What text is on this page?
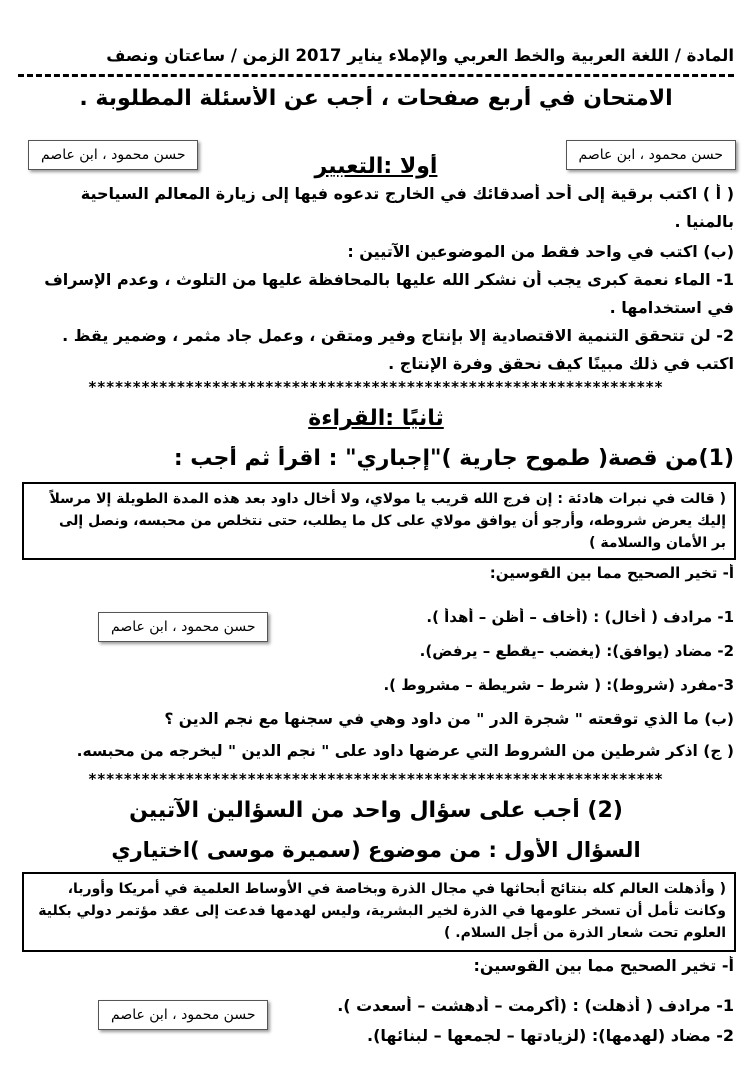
المادة / اللغة العربية والخط العربي والإملاء يناير 2017 الزمن / ساعتان ونصف
الامتحان في أربع صفحات ، أجب عن الأسئلة المطلوبة .
حسن محمود ، ابن عاصم
حسن محمود ، ابن عاصم	أولا :التعبير
( أ ) اكتب برقية إلى أحد أصدقائك في الخارج تدعوه فيها إلى زيارة المعالم السياحية
بالمنيا .
(ب) اكتب في واحد فقط من الموضوعين الآتيين :
1- الماء نعمة كبرى يجب أن نشكر الله عليها بالمحافظة عليها من التلوث ، وعدم الإسراف
في استخدامها .
2- لن تتحقق التنمية الاقتصادية إلا بإنتاج وفير ومتقن ، وعمل جاد مثمر ، وضمير يقظ .
اكتب في ذلك مبينًا كيف نحقق وفرة الإنتاج .
*****************************************************************
ثانيًا :القراءة
(1)من قصة( طموح جارية )"إجباري" : اقرأ ثم أجب :
( قالت في نبرات هادئة : إن فرج الله قريب يا مولاي، ولا أخال داود بعد هذه المدة الطويلة إلا مرسلاً
إليك يعرض شروطه، وأرجو أن يوافق مولاي على كل ما يطلب، حتى نتخلص من محبسه، ونصل إلى
بر الأمان والسلامة )
أ- تخير الصحيح مما بين القوسين:
حسن محمود ، ابن عاصم
1- مرادف ( أخال) : (أخاف – أظن – أهدأ ).
2- مضاد (يوافق): (يغضب –يقطع – يرفض).
3-مفرد (شروط): ( شرط – شريطة – مشروط ).
(ب) ما الذي توقعته " شجرة الدر " من داود وهي في سجنها مع نجم الدين ؟
( ج) اذكر شرطين من الشروط التي عرضها داود على " نجم الدين " ليخرجه من محبسه.
*****************************************************************
(2) أجب على سؤال واحد من السؤالين الآتيين
السؤال الأول : من موضوع (سميرة موسى )اختياري
( وأذهلت العالم كله بنتائج أبحاثها في مجال الذرة وبخاصة في الأوساط العلمية في أمريكا وأوربا،
وكانت تأمل أن تسخر علومها في الذرة لخير البشرية، وليس لهدمها فدعت إلى عقد مؤتمر دولي بكلية
العلوم تحت شعار الذرة من أجل السلام. )
أ- تخير الصحيح مما بين القوسين:
حسن محمود ، ابن عاصم	1- مرادف ( أذهلت) : (أكرمت – أدهشت – أسعدت ).
2- مضاد (لهدمها): (لزيادتها – لجمعها – لبنائها).
